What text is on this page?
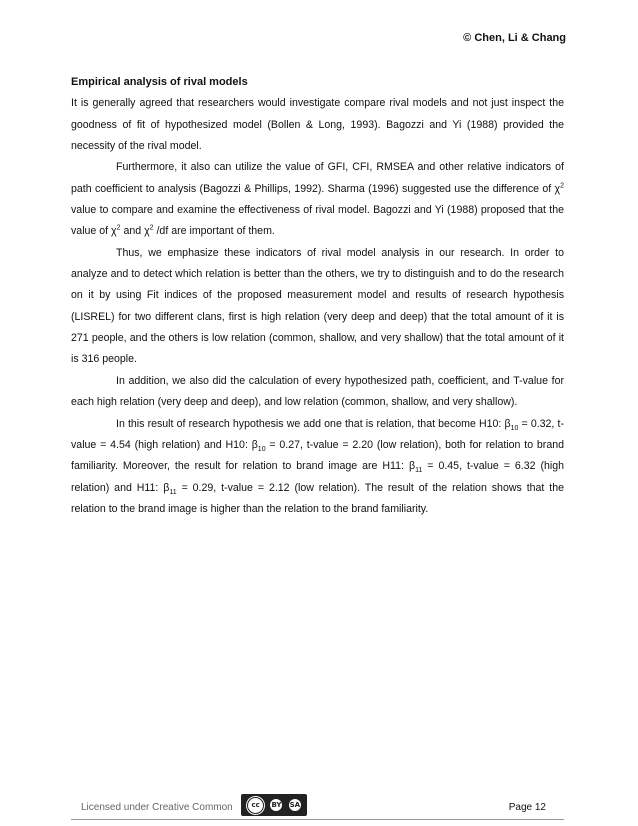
© Chen, Li & Chang

Empirical analysis of rival models

It is generally agreed that researchers would investigate compare rival models and not just inspect the goodness of fit of hypothesized model (Bollen & Long, 1993). Bagozzi and Yi (1988) provided the necessity of the rival model.

Furthermore, it also can utilize the value of GFI, CFI, RMSEA and other relative indicators of path coefficient to analysis (Bagozzi & Phillips, 1992). Sharma (1996) suggested use the difference of $\chi^2$ value to compare and examine the effectiveness of rival model. Bagozzi and Yi (1988) proposed that the value of $\chi^2$ and $\chi^2$ /df are important of them.

Thus, we emphasize these indicators of rival model analysis in our research. In order to analyze and to detect which relation is better than the others, we try to distinguish and to do the research on it by using Fit indices of the proposed measurement model and results of research hypothesis (LISREL) for two different clans, first is high relation (very deep and deep) that the total amount of it is 271 people, and the others is low relation (common, shallow, and very shallow) that the total amount of it is 316 people.

In addition, we also did the calculation of every hypothesized path, coefficient, and T-value for each high relation (very deep and deep), and low relation (common, shallow, and very shallow).

In this result of research hypothesis we add one that is relation, that become H10: $\beta_{10} = 0.32$, t-value = 4.54 (high relation) and H10: $\beta_{10} = 0.27$, t-value = 2.20 (low relation), both for relation to brand familiarity. Moreover, the result for relation to brand image are H11: $\beta_{11} = 0.45$, t-value = 6.32 (high relation) and H11: $\beta_{11} = 0.29$, t-value = 2.12 (low relation). The result of the relation shows that the relation to the brand image is higher than the relation to the brand familiarity.

Licensed under Creative Common	cc	BY SA	Page 12
